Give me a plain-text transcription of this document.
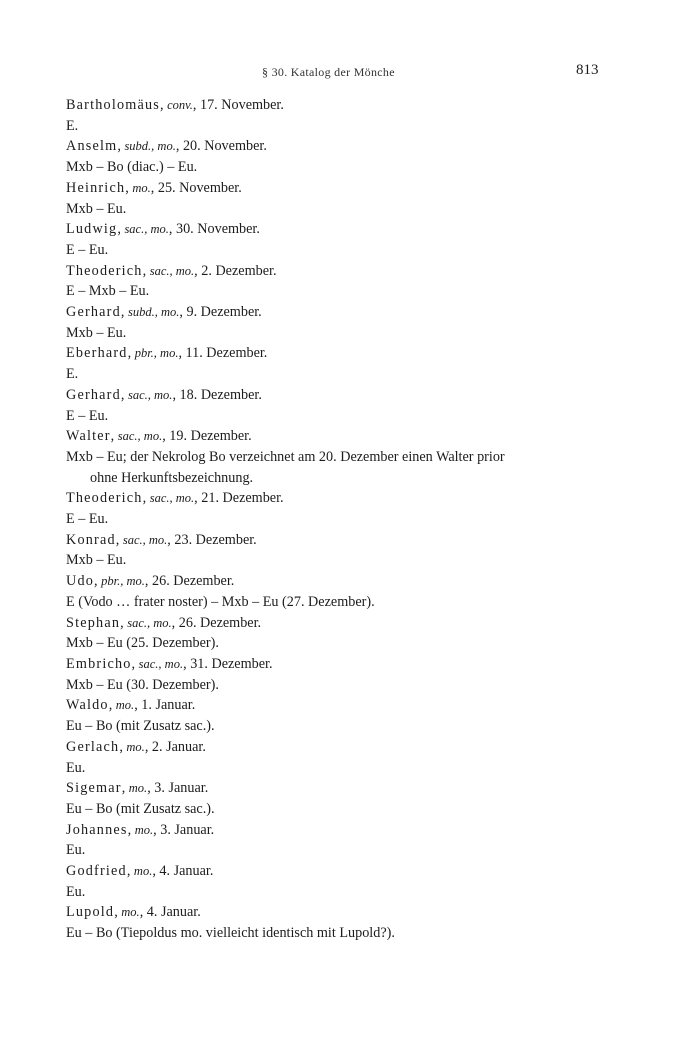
§ 30. Katalog der Mönche	813
Bartholomäus, conv., 17. November.
E.
Anselm, subd., mo., 20. November.
Mxb – Bo (diac.) – Eu.
Heinrich, mo., 25. November.
Mxb – Eu.
Ludwig, sac., mo., 30. November.
E – Eu.
Theoderich, sac., mo., 2. Dezember.
E – Mxb – Eu.
Gerhard, subd., mo., 9. Dezember.
Mxb – Eu.
Eberhard, pbr., mo., 11. Dezember.
E.
Gerhard, sac., mo., 18. Dezember.
E – Eu.
Walter, sac., mo., 19. Dezember.
Mxb – Eu; der Nekrolog Bo verzeichnet am 20. Dezember einen Walter prior
ohne Herkunftsbezeichnung.
Theoderich, sac., mo., 21. Dezember.
E – Eu.
Konrad, sac., mo., 23. Dezember.
Mxb – Eu.
Udo, pbr., mo., 26. Dezember.
E (Vodo … frater noster) – Mxb – Eu (27. Dezember).
Stephan, sac., mo., 26. Dezember.
Mxb – Eu (25. Dezember).
Embricho, sac., mo., 31. Dezember.
Mxb – Eu (30. Dezember).
Waldo, mo., 1. Januar.
Eu – Bo (mit Zusatz sac.).
Gerlach, mo., 2. Januar.
Eu.
Sigemar, mo., 3. Januar.
Eu – Bo (mit Zusatz sac.).
Johannes, mo., 3. Januar.
Eu.
Godfried, mo., 4. Januar.
Eu.
Lupold, mo., 4. Januar.
Eu – Bo (Tiepoldus mo. vielleicht identisch mit Lupold?).
